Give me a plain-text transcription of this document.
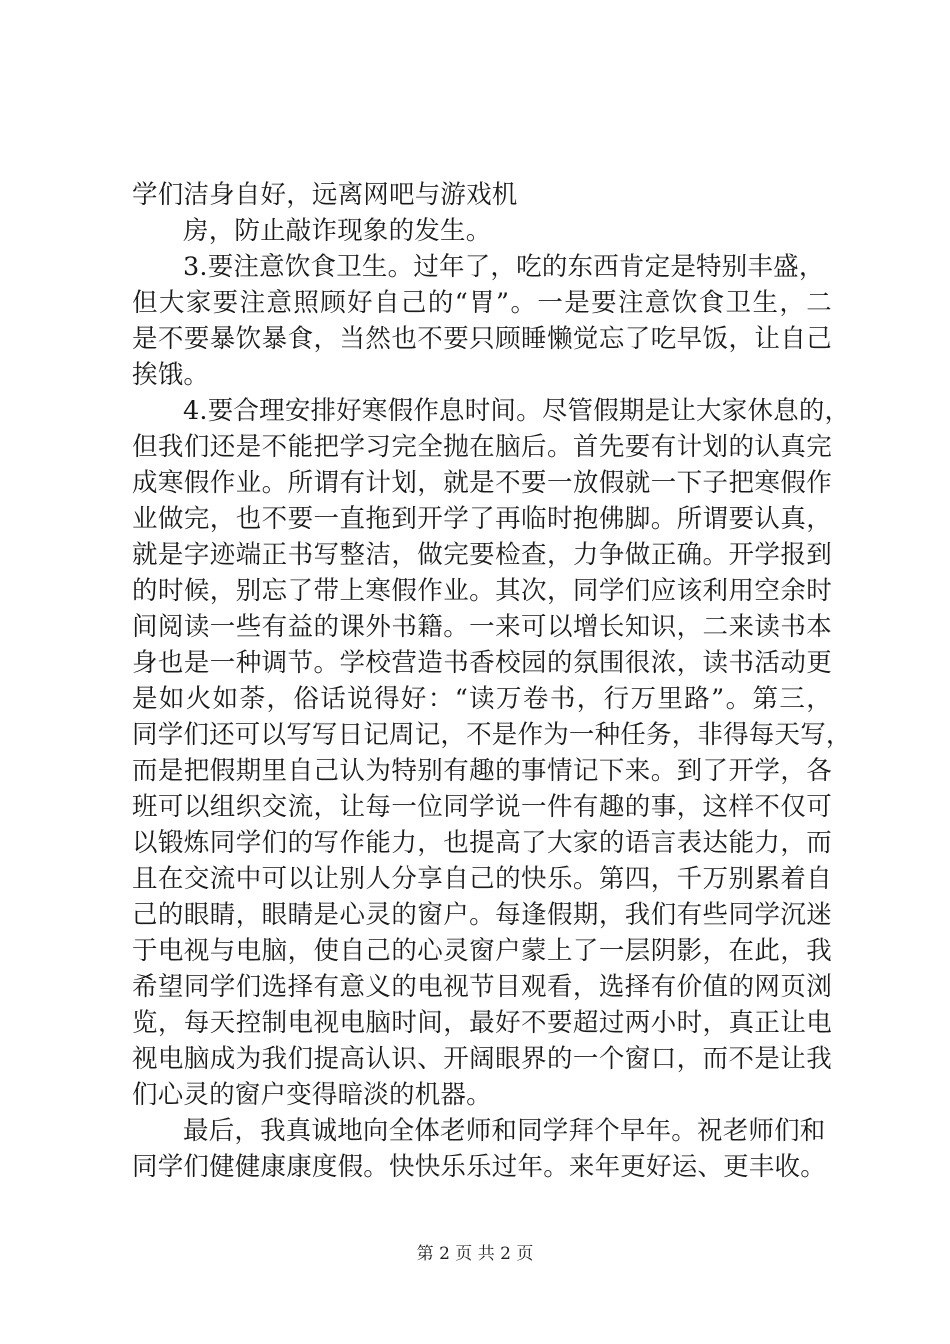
学们洁身自好，远离网吧与游戏机
房，防止敲诈现象的发生。
3.要注意饮食卫生。过年了，吃的东西肯定是特别丰盛，
但大家要注意照顾好自己的“胃”。一是要注意饮食卫生，二
是不要暴饮暴食，当然也不要只顾睡懒觉忘了吃早饭，让自己
挨饿。
4.要合理安排好寒假作息时间。尽管假期是让大家休息的，
但我们还是不能把学习完全抛在脑后。首先要有计划的认真完
成寒假作业。所谓有计划，就是不要一放假就一下子把寒假作
业做完，也不要一直拖到开学了再临时抱佛脚。所谓要认真，
就是字迹端正书写整洁，做完要检查，力争做正确。开学报到
的时候，别忘了带上寒假作业。其次，同学们应该利用空余时
间阅读一些有益的课外书籍。一来可以增长知识，二来读书本
身也是一种调节。学校营造书香校园的氛围很浓，读书活动更
是如火如荼，俗话说得好：“读万卷书，行万里路”。第三，
同学们还可以写写日记周记，不是作为一种任务，非得每天写，
而是把假期里自己认为特别有趣的事情记下来。到了开学，各
班可以组织交流，让每一位同学说一件有趣的事，这样不仅可
以锻炼同学们的写作能力，也提高了大家的语言表达能力，而
且在交流中可以让别人分享自己的快乐。第四，千万别累着自
己的眼睛，眼睛是心灵的窗户。每逢假期，我们有些同学沉迷
于电视与电脑，使自己的心灵窗户蒙上了一层阴影，在此，我
希望同学们选择有意义的电视节目观看，选择有价值的网页浏
览，每天控制电视电脑时间，最好不要超过两小时，真正让电
视电脑成为我们提高认识、开阔眼界的一个窗口，而不是让我
们心灵的窗户变得暗淡的机器。
最后，我真诚地向全体老师和同学拜个早年。祝老师们和
同学们健健康康度假。快快乐乐过年。来年更好运、更丰收。
第 2 页 共 2 页
